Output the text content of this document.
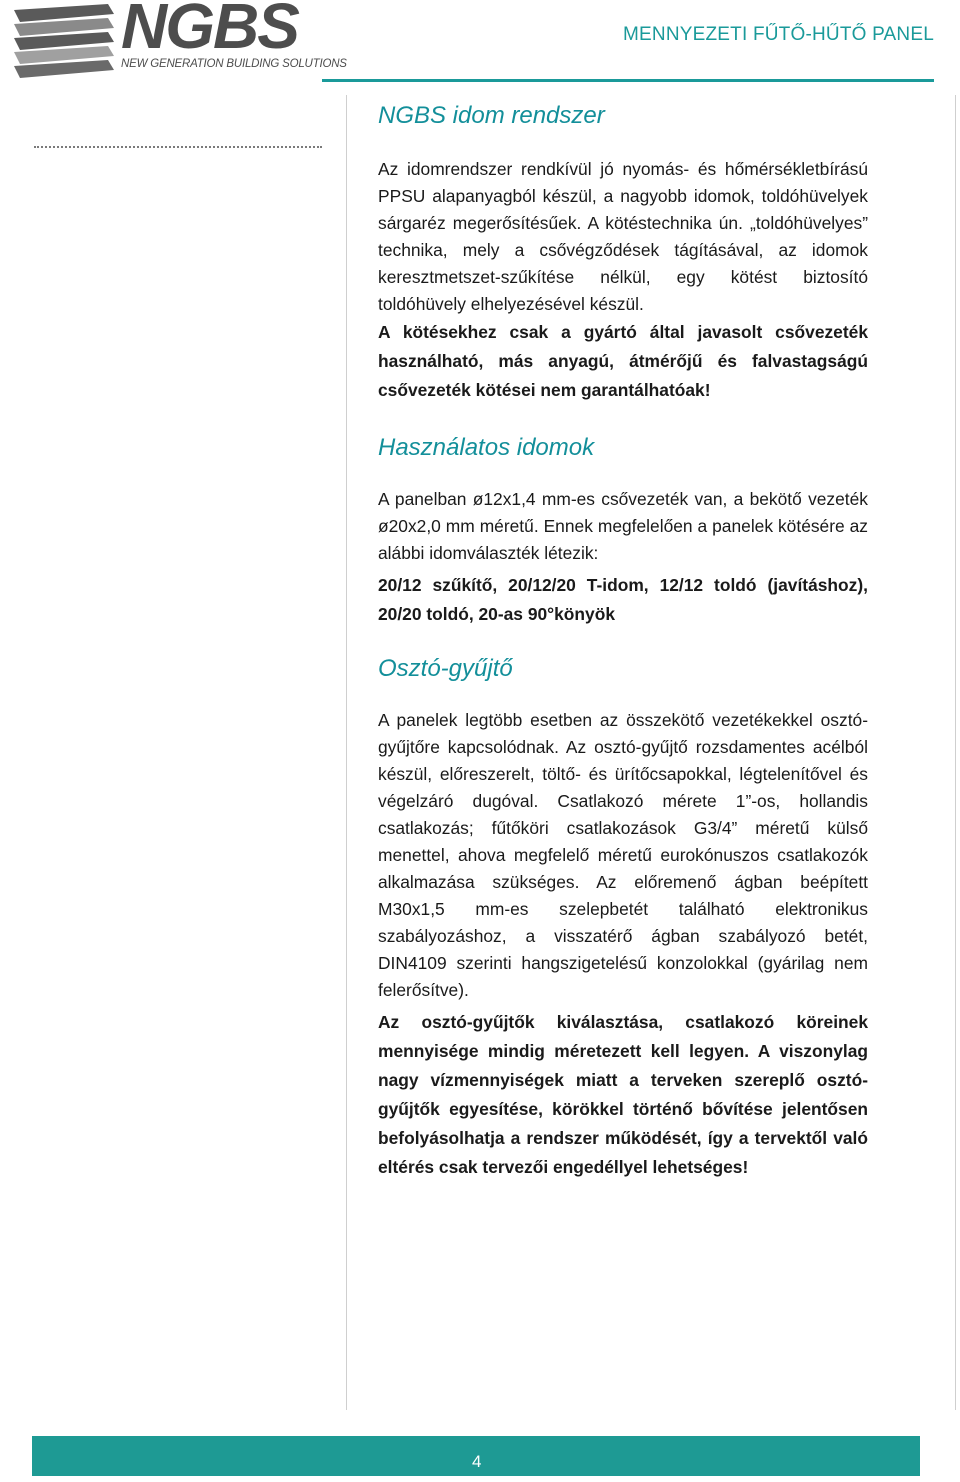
NGBS
NEW GENERATION BUILDING SOLUTIONS
MENNYEZETI FŰTŐ-HŰTŐ PANEL
NGBS idom rendszer

Az idomrendszer rendkívül jó nyomás- és hőmérsékletbírású PPSU alapanyagból készül, a nagyobb idomok, toldóhüvelyek sárgaréz megerősítésűek. A kötéstechnika ún. „toldóhüvelyes” technika, mely a csővégződések tágításával, az idomok keresztmetszet-szűkítése nélkül, egy kötést biztosító toldóhüvely elhelyezésével készül.

A kötésekhez csak a gyártó által javasolt csővezeték használható, más anyagú, átmérőjű és falvastagságú csővezeték kötései nem garantálhatóak!

Használatos idomok

A panelban ø12x1,4 mm-es csővezeték van, a bekötő vezeték ø20x2,0 mm méretű. Ennek megfelelően a panelek kötésére az alábbi idomválaszték létezik:

20/12 szűkítő, 20/12/20 T-idom, 12/12 toldó (javításhoz), 20/20 toldó, 20-as 90°könyök

Osztó-gyűjtő

A panelek legtöbb esetben az összekötő vezetékekkel osztó-gyűjtőre kapcsolódnak. Az osztó-gyűjtő rozsdamentes acélból készül, előreszerelt, töltő- és ürítőcsapokkal, légtelenítővel és végelzáró dugóval. Csatlakozó mérete 1”-os, hollandis csatlakozás; fűtőköri csatlakozások G3/4” méretű külső menettel, ahova megfelelő méretű eurokónuszos csatlakozók alkalmazása szükséges. Az előremenő ágban beépített M30x1,5 mm-es szelepbetét található elektronikus szabályozáshoz, a visszatérő ágban szabályozó betét, DIN4109 szerinti hangszigetelésű konzolokkal (gyárilag nem felerősítve).

Az osztó-gyűjtők kiválasztása, csatlakozó köreinek mennyisége mindig méretezett kell legyen. A viszonylag nagy vízmennyiségek miatt a terveken szereplő osztó-gyűjtők egyesítése, körökkel történő bővítése jelentősen befolyásolhatja a rendszer működését, így a tervektől való eltérés csak tervezői engedéllyel lehetséges!

4
